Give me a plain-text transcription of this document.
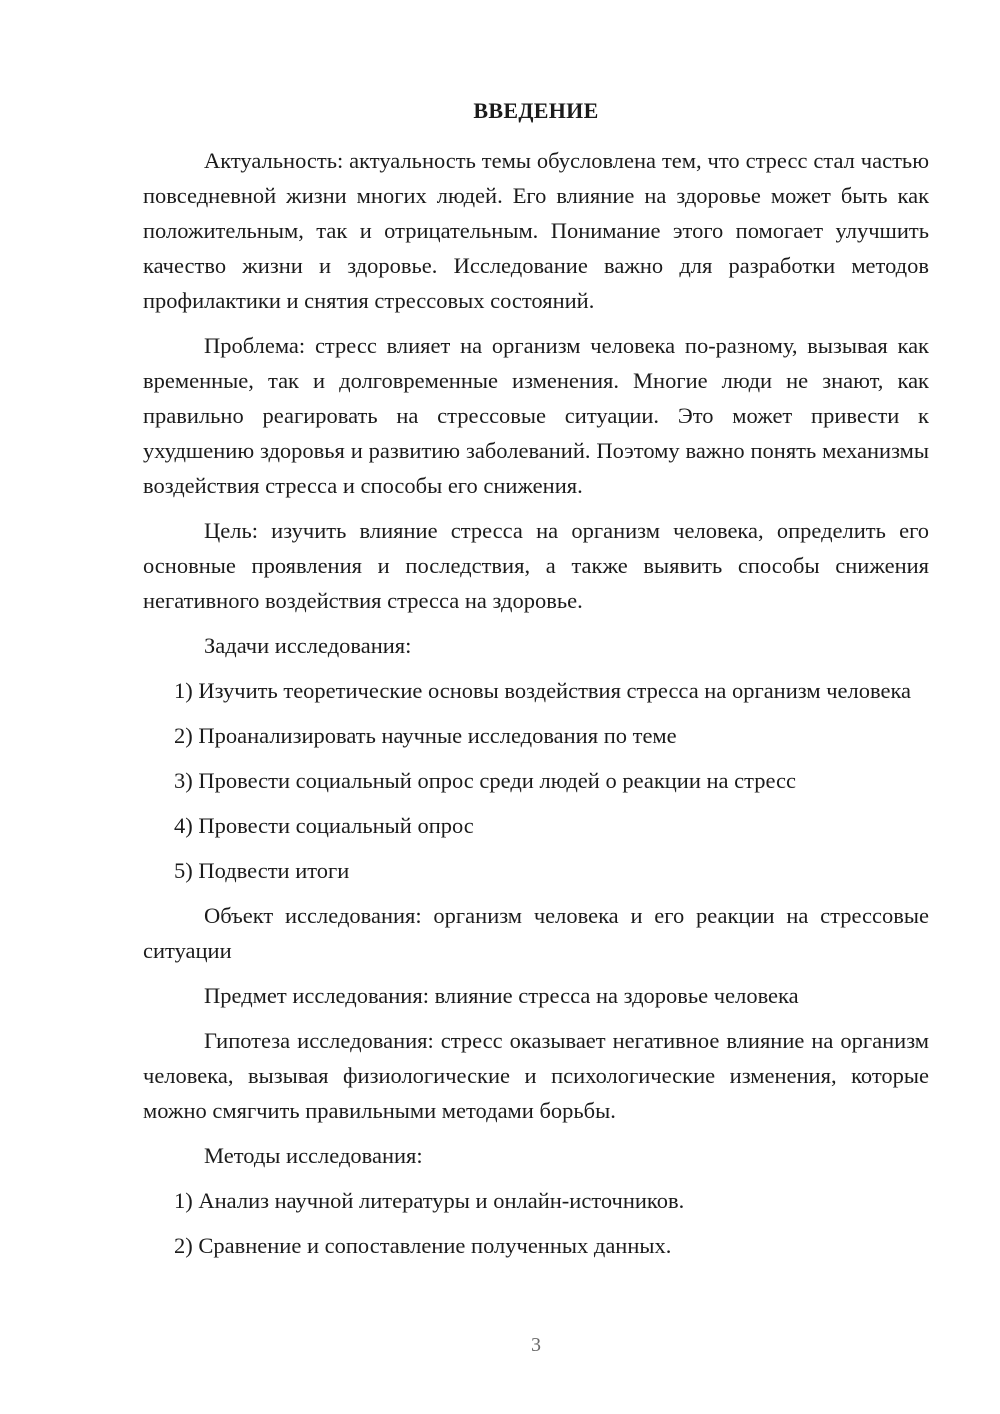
ВВЕДЕНИЕ

Актуальность: актуальность темы обусловлена тем, что стресс стал частью повседневной жизни многих людей. Его влияние на здоровье может быть как положительным, так и отрицательным. Понимание этого помогает улучшить качество жизни и здоровье. Исследование важно для разработки методов профилактики и снятия стрессовых состояний.

Проблема: стресс влияет на организм человека по-разному, вызывая как временные, так и долговременные изменения. Многие люди не знают, как правильно реагировать на стрессовые ситуации. Это может привести к ухудшению здоровья и развитию заболеваний. Поэтому важно понять механизмы воздействия стресса и способы его снижения.

Цель: изучить влияние стресса на организм человека, определить его основные проявления и последствия, а также выявить способы снижения негативного воздействия стресса на здоровье.

Задачи исследования:

1) Изучить теоретические основы воздействия стресса на организм человека

2) Проанализировать научные исследования по теме

3) Провести социальный опрос среди людей о реакции на стресс

4) Провести социальный опрос

5) Подвести итоги

Объект исследования: организм человека и его реакции на стрессовые ситуации

Предмет исследования: влияние стресса на здоровье человека

Гипотеза исследования: стресс оказывает негативное влияние на организм человека, вызывая физиологические и психологические изменения, которые можно смягчить правильными методами борьбы.

Методы исследования:

1) Анализ научной литературы и онлайн-источников.

2) Сравнение и сопоставление полученных данных.

3
